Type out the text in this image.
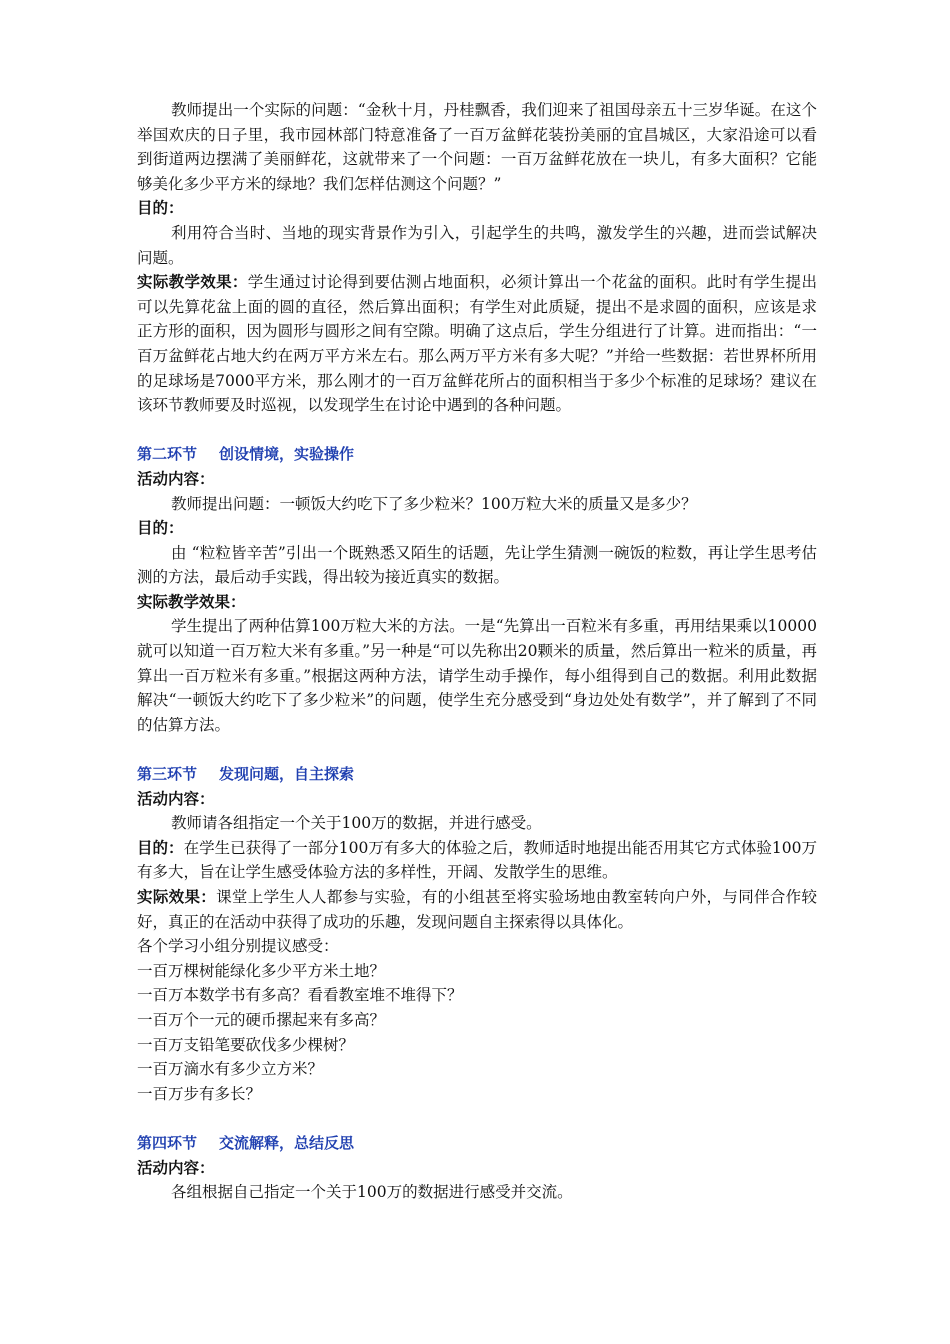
教师提出一个实际的问题：“金秋十月，丹桂飘香，我们迎来了祖国母亲五十三岁华诞。在这个举国欢庆的日子里，我市园林部门特意准备了一百万盆鲜花装扮美丽的宜昌城区，大家沿途可以看到街道两边摆满了美丽鲜花，这就带来了一个问题：一百万盆鲜花放在一块儿，有多大面积？它能够美化多少平方米的绿地？我们怎样估测这个问题？”

目的：

利用符合当时、当地的现实背景作为引入，引起学生的共鸣，激发学生的兴趣，进而尝试解决问题。

实际教学效果：学生通过讨论得到要估测占地面积，必须计算出一个花盆的面积。此时有学生提出可以先算花盆上面的圆的直径，然后算出面积；有学生对此质疑，提出不是求圆的面积，应该是求正方形的面积，因为圆形与圆形之间有空隙。明确了这点后，学生分组进行了计算。进而指出：“一百万盆鲜花占地大约在两万平方米左右。那么两万平方米有多大呢？”并给一些数据：若世界杯所用的足球场是7000平方米，那么刚才的一百万盆鲜花所占的面积相当于多少个标准的足球场？建议在该环节教师要及时巡视，以发现学生在讨论中遇到的各种问题。

第二环节 创设情境，实验操作

活动内容：

教师提出问题：一顿饭大约吃下了多少粒米？100万粒大米的质量又是多少？

目的：

由 “粒粒皆辛苦”引出一个既熟悉又陌生的话题，先让学生猜测一碗饭的粒数，再让学生思考估测的方法，最后动手实践，得出较为接近真实的数据。

实际教学效果：

学生提出了两种估算100万粒大米的方法。一是“先算出一百粒米有多重，再用结果乘以10000就可以知道一百万粒大米有多重。”另一种是“可以先称出20颗米的质量，然后算出一粒米的质量，再算出一百万粒米有多重。”根据这两种方法，请学生动手操作，每小组得到自己的数据。利用此数据解决“一顿饭大约吃下了多少粒米”的问题，使学生充分感受到“身边处处有数学”，并了解到了不同的估算方法。

第三环节 发现问题，自主探索

活动内容：

教师请各组指定一个关于100万的数据，并进行感受。

目的：在学生已获得了一部分100万有多大的体验之后，教师适时地提出能否用其它方式体验100万有多大，旨在让学生感受体验方法的多样性，开阔、发散学生的思维。

实际效果：课堂上学生人人都参与实验，有的小组甚至将实验场地由教室转向户外，与同伴合作较好，真正的在活动中获得了成功的乐趣，发现问题自主探索得以具体化。

各个学习小组分别提议感受：

一百万棵树能绿化多少平方米土地？

一百万本数学书有多高？看看教室堆不堆得下？

一百万个一元的硬币摞起来有多高？

一百万支铅笔要砍伐多少棵树？

一百万滴水有多少立方米？

一百万步有多长？

第四环节 交流解释，总结反思

活动内容：

各组根据自己指定一个关于100万的数据进行感受并交流。
